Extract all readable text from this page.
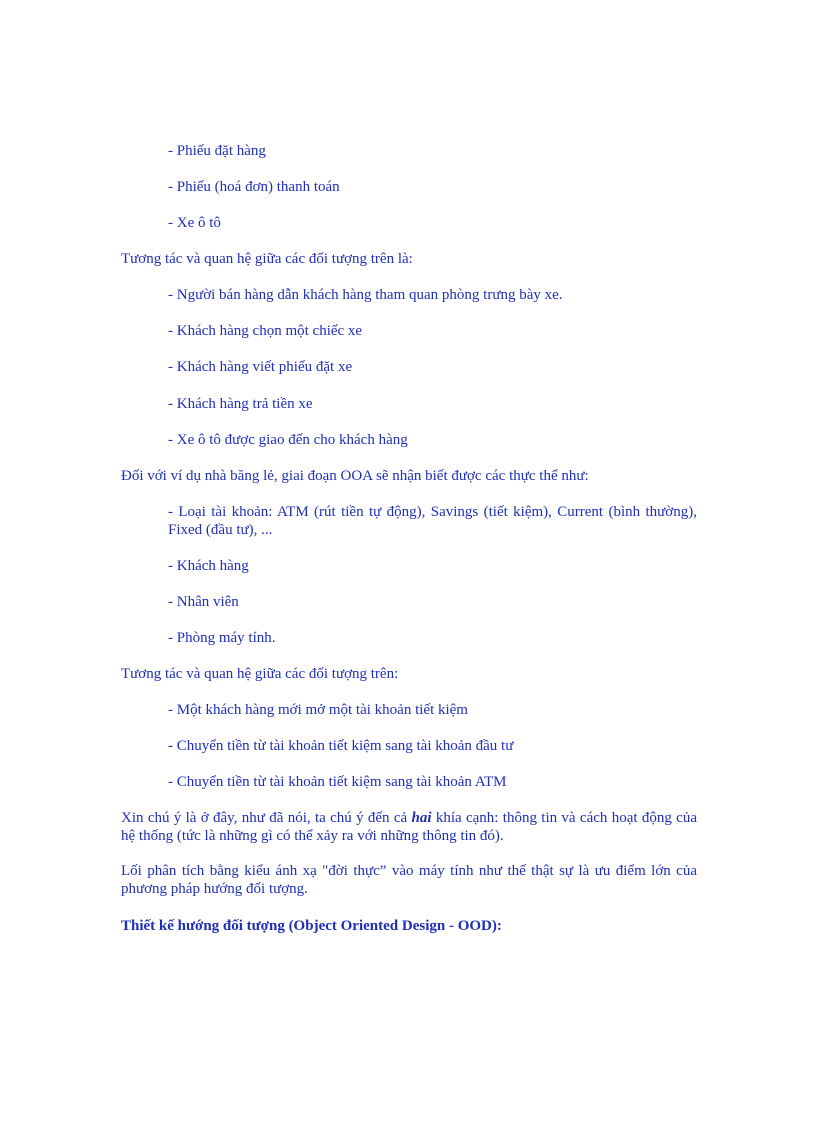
- Phiếu đặt hàng

- Phiếu (hoá đơn) thanh toán

- Xe ô tô

Tương tác và quan hệ giữa các đối tượng trên là:

- Người bán hàng dẫn khách hàng tham quan phòng trưng bày xe.

- Khách hàng chọn một chiếc xe

- Khách hàng viết phiếu đặt xe

- Khách hàng trả tiền xe

- Xe ô tô được giao đến cho khách hàng

Đối với ví dụ nhà băng lẻ, giai đoạn OOA sẽ nhận biết được các thực thể như:

- Loại tài khoản: ATM (rút tiền tự động), Savings (tiết kiệm), Current (bình thường), Fixed (đầu tư), ...

- Khách hàng

- Nhân viên

- Phòng máy tính.

Tương tác và quan hệ giữa các đối tượng trên:

- Một khách hàng mới mở một tài khoản tiết kiệm

- Chuyển tiền từ tài khoản tiết kiệm sang tài khoản đầu tư

- Chuyển tiền từ tài khoản tiết kiệm sang tài khoản ATM

Xin chú ý là ở đây, như đã nói, ta chú ý đến cả hai khía cạnh: thông tin và cách hoạt động của hệ thống (tức là những gì có thể xảy ra với những thông tin đó).

Lối phân tích bằng kiểu ánh xạ "đời thực” vào máy tính như thế thật sự là ưu điểm lớn của phương pháp hướng đối tượng.

Thiết kế hướng đối tượng (Object Oriented Design - OOD):
